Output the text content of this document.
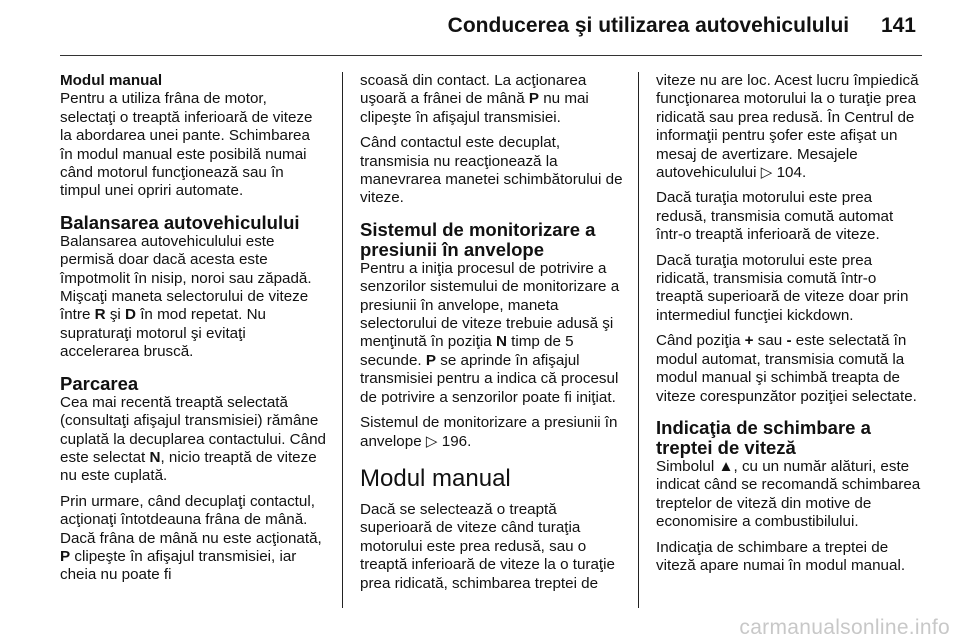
Conducerea şi utilizarea autovehiculului 141
Modul manual

Pentru a utiliza frâna de motor, selectaţi o treaptă inferioară de viteze la abordarea unei pante. Schimbarea în modul manual este posibilă numai când motorul funcţionează sau în timpul unei opriri automate.

Balansarea autovehiculului

Balansarea autovehiculului este permisă doar dacă acesta este împotmolit în nisip, noroi sau zăpadă. Mişcaţi maneta selectorului de viteze între R şi D în mod repetat. Nu supraturaţi motorul şi evitaţi accelerarea bruscă.

Parcarea

Cea mai recentă treaptă selectată (consultaţi afişajul transmisiei) rămâne cuplată la decuplarea contactului. Când este selectat N, nicio treaptă de viteze nu este cuplată.

Prin urmare, când decuplaţi contactul, acţionaţi întotdeauna frâna de mână. Dacă frâna de mână nu este acţionată, P clipeşte în afişajul transmisiei, iar cheia nu poate fi

scoasă din contact. La acţionarea uşoară a frânei de mână P nu mai clipeşte în afişajul transmisiei.

Când contactul este decuplat, transmisia nu reacţionează la manevrarea manetei schimbătorului de viteze.

Sistemul de monitorizare a presiunii în anvelope

Pentru a iniţia procesul de potrivire a senzorilor sistemului de monitorizare a presiunii în anvelope, maneta selectorului de viteze trebuie adusă şi menţinută în poziţia N timp de 5 secunde. P se aprinde în afişajul transmisiei pentru a indica că procesul de potrivire a senzorilor poate fi iniţiat.

Sistemul de monitorizare a presiunii în anvelope ▷ 196.

Modul manual

Dacă se selectează o treaptă superioară de viteze când turaţia motorului este prea redusă, sau o treaptă inferioară de viteze la o turaţie prea ridicată, schimbarea treptei de

viteze nu are loc. Acest lucru împiedică funcţionarea motorului la o turaţie prea ridicată sau prea redusă. În Centrul de informaţii pentru şofer este afişat un mesaj de avertizare. Mesajele autovehiculului ▷ 104.

Dacă turaţia motorului este prea redusă, transmisia comută automat într-o treaptă inferioară de viteze.

Dacă turaţia motorului este prea ridicată, transmisia comută într-o treaptă superioară de viteze doar prin intermediul funcţiei kickdown.

Când poziţia + sau - este selectată în modul automat, transmisia comută la modul manual şi schimbă treapta de viteze corespunzător poziţiei selectate.

Indicaţia de schimbare a treptei de viteză

Simbolul ▲, cu un număr alături, este indicat când se recomandă schimbarea treptelor de viteză din motive de economisire a combustibilului.

Indicaţia de schimbare a treptei de viteză apare numai în modul manual.

carmanualsonline.info
